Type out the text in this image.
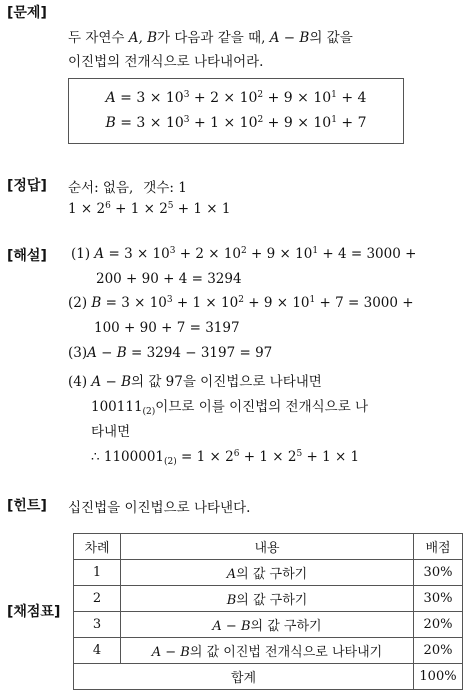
[문제]
두 자연수 A, B가 다음과 같을 때, A − B의 값을
이진법의 전개식으로 나타내어라.
$A = 3 \times 10^3 + 2 \times 10^2 + 9 \times 10^1 + 4$
$B = 3 \times 10^3 + 1 \times 10^2 + 9 \times 10^1 + 7$
[정답] 순서: 없음, 갯수: 1
$1 \times 2^6 + 1 \times 2^5 + 1 \times 1$
[해설] (1) $A = 3 \times 10^3 + 2 \times 10^2 + 9 \times 10^1 + 4 = 3000$ +
200 + 90 + 4 = 3294
(2) $B = 3 \times 10^3 + 1 \times 10^2 + 9 \times 10^1 + 7 = 3000$ +
100 + 90 + 7 = 3197
(3)A − B = 3294 − 3197 = 97
(4) A − B의 값 97을 이진법으로 나타내면
$100111_{(2)}$이므로 이를 이진법의 전개식으로 나
타내면
∴ $1100001_{(2)} = 1 \times 2^6 + 1 \times 2^5 + 1 \times 1$
[힌트] 십진법을 이진법으로 나타낸다.
[채점표]
차례	내용	배점
1	A의 값 구하기	30%
2	B의 값 구하기	30%
3	A − B의 값 구하기	20%
4	A − B의 값 이진법 전개식으로 나타내기	20%
합계		100%
